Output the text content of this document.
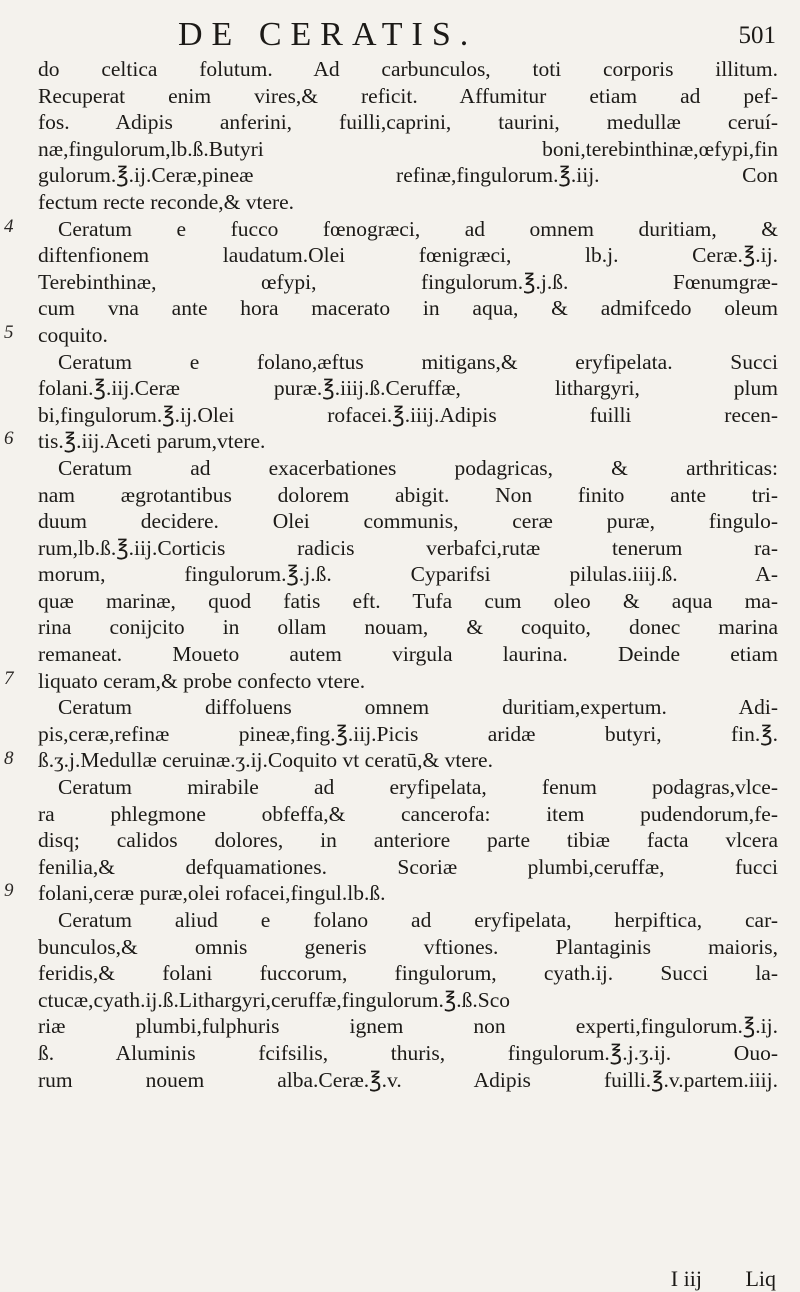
DE CERATIS.	501
4
5
6
7
8
9
do celtica folutum. Ad carbunculos, toti corporis illitum.
Recuperat enim vires,& reficit. Affumitur etiam ad pef-
fos. Adipis anferini, fuilli,caprini, taurini, medullæ ceruí-
næ,fingulorum,lb.ß.Butyri boni,terebinthinæ,œfypi,fin
gulorum.℥.ij.Ceræ,pineæ refinæ,fingulorum.℥.iij. Con
fectum recte reconde,& vtere.
Ceratum e fucco fœnogræci, ad omnem duritiam, &
diftenfionem laudatum.Olei fœnigræci, lb.j. Ceræ.℥.ij.
Terebinthinæ, œfypi, fingulorum.℥.j.ß. Fœnumgræ-
cum vna ante hora macerato in aqua, & admifcedo oleum
coquito.
Ceratum e folano,æftus mitigans,& eryfipelata. Succi
folani.℥.iij.Ceræ puræ.℥.iiij.ß.Ceruffæ, lithargyri, plum
bi,fingulorum.℥.ij.Olei rofacei.℥.iiij.Adipis fuilli recen-
tis.℥.iij.Aceti parum,vtere.
Ceratum ad exacerbationes podagricas, & arthriticas:
nam ægrotantibus dolorem abigit. Non finito ante tri-
duum decidere. Olei communis, ceræ puræ, fingulo-
rum,lb.ß.℥.iij.Corticis radicis verbafci,rutæ tenerum ra-
morum, fingulorum.℥.j.ß. Cyparifsi pilulas.iiij.ß. A-
quæ marinæ, quod fatis eft. Tufa cum oleo & aqua ma-
rina conijcito in ollam nouam, & coquito, donec marina
remaneat. Moueto autem virgula laurina. Deinde etiam
liquato ceram,& probe confecto vtere.
Ceratum diffoluens omnem duritiam,expertum. Adi-
pis,ceræ,refinæ pineæ,fing.℥.iij.Picis aridæ butyri, fin.℥.
ß.ʒ.j.Medullæ ceruinæ.ʒ.ij.Coquito vt ceratū,& vtere.
Ceratum mirabile ad eryfipelata, fenum podagras,vlce-
ra phlegmone obfeffa,& cancerofa: item pudendorum,fe-
disq; calidos dolores, in anteriore parte tibiæ facta vlcera
fenilia,& defquamationes. Scoriæ plumbi,ceruffæ, fucci
folani,ceræ puræ,olei rofacei,fingul.lb.ß.
Ceratum aliud e folano ad eryfipelata, herpiftica, car-
bunculos,& omnis generis vftiones. Plantaginis maioris,
feridis,& folani fuccorum, fingulorum, cyath.ij. Succi la-
ctucæ,cyath.ij.ß.Lithargyri,ceruffæ,fingulorum.℥.ß.Sco
riæ plumbi,fulphuris ignem non experti,fingulorum.℥.ij.
ß. Aluminis fcifsilis, thuris, fingulorum.℥.j.ʒ.ij. Ouo-
rum nouem alba.Ceræ.℥.v. Adipis fuilli.℥.v.partem.iiij.
I iij Liq
